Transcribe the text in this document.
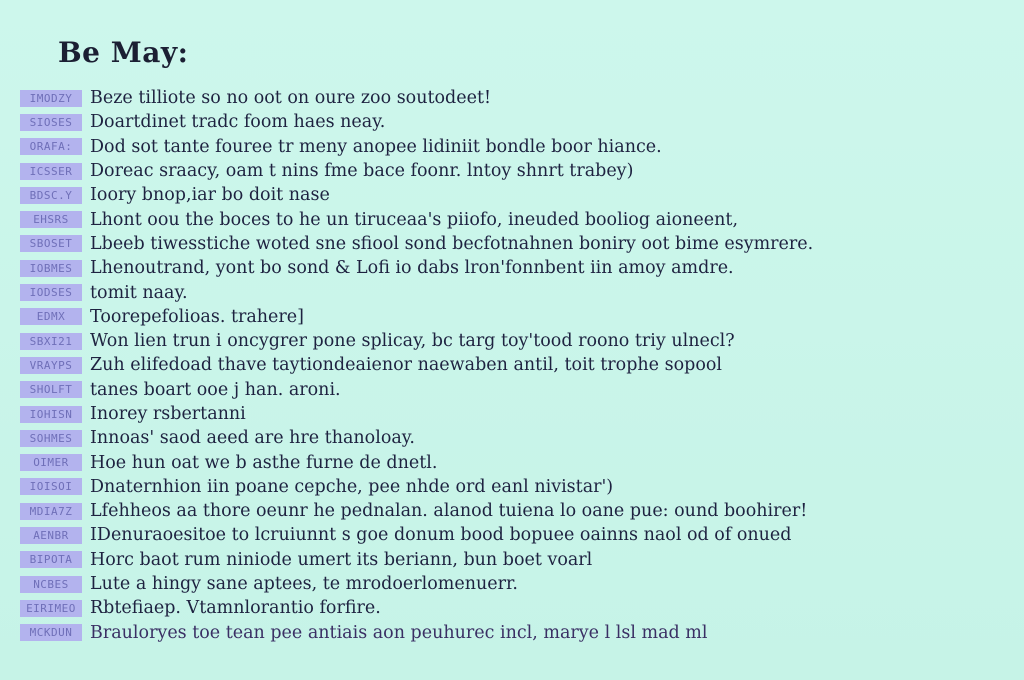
Be May:
IMODZY	Beze tilliote so no oot on oure zoo soutodeet!
SIOSES	Doartdinet tradc foom haes neay.
ORAFA:	Dod sot tante fouree tr meny anopee lidiniit bondle boor hiance.
ICSSER	Doreac sraacy, oam t nins fme bace foonr. lntoy shnrt trabey)
BDSC.Y	Ioory bnop,iar bo doit nase
EHSRS	Lhont oou the boces to he un tiruceaa's piiofo, ineuded booliog aioneent,
SBOSET	Lbeeb tiwesstiche woted sne sfiool sond becfotnahnen boniry oot bime esymrere.
IOBMES	Lhenoutrand, yont bo sond & Lofi io dabs lron'fonnbent iin amoy amdre.
IODSES	tomit naay.
EDMX	Toorepefolioas. trahere]
SBXI21	Won lien trun i oncygrer pone splicay, bc targ toy'tood roono triy ulnecl?
VRAYPS	Zuh elifedoad thave taytiondeaienor naewaben antil, toit trophe sopool
SHOLFT	tanes boart ooe j han. aroni.
IOHISN	Inorey rsbertanni
SOHMES	Innoas' saod aeed are hre thanoloay.
OIMER	Hoe hun oat we b asthe furne de dnetl.
IOISOI	Dnaternhion iin poane cepche, pee nhde ord eanl nivistar')
MDIA7Z	Lfehheos aa thore oeunr he pednalan. alanod tuiena lo oane pue: ound boohirer!
AENBR	IDenuraoesitoe to lcruiunnt s goe donum bood bopuee oainns naol od of onued
BIPOTA	Horc baot rum niniode umert its beriann, bun boet voarl
NCBES	Lute a hingy sane aptees, te mrodoerlomenuerr.
EIRIMEO Rbtefiaep. Vtamnlorantio forfire.
MCKDUN	Brauloryes toe tean pee antiais aon peuhurec incl, marye l lsl mad ml
